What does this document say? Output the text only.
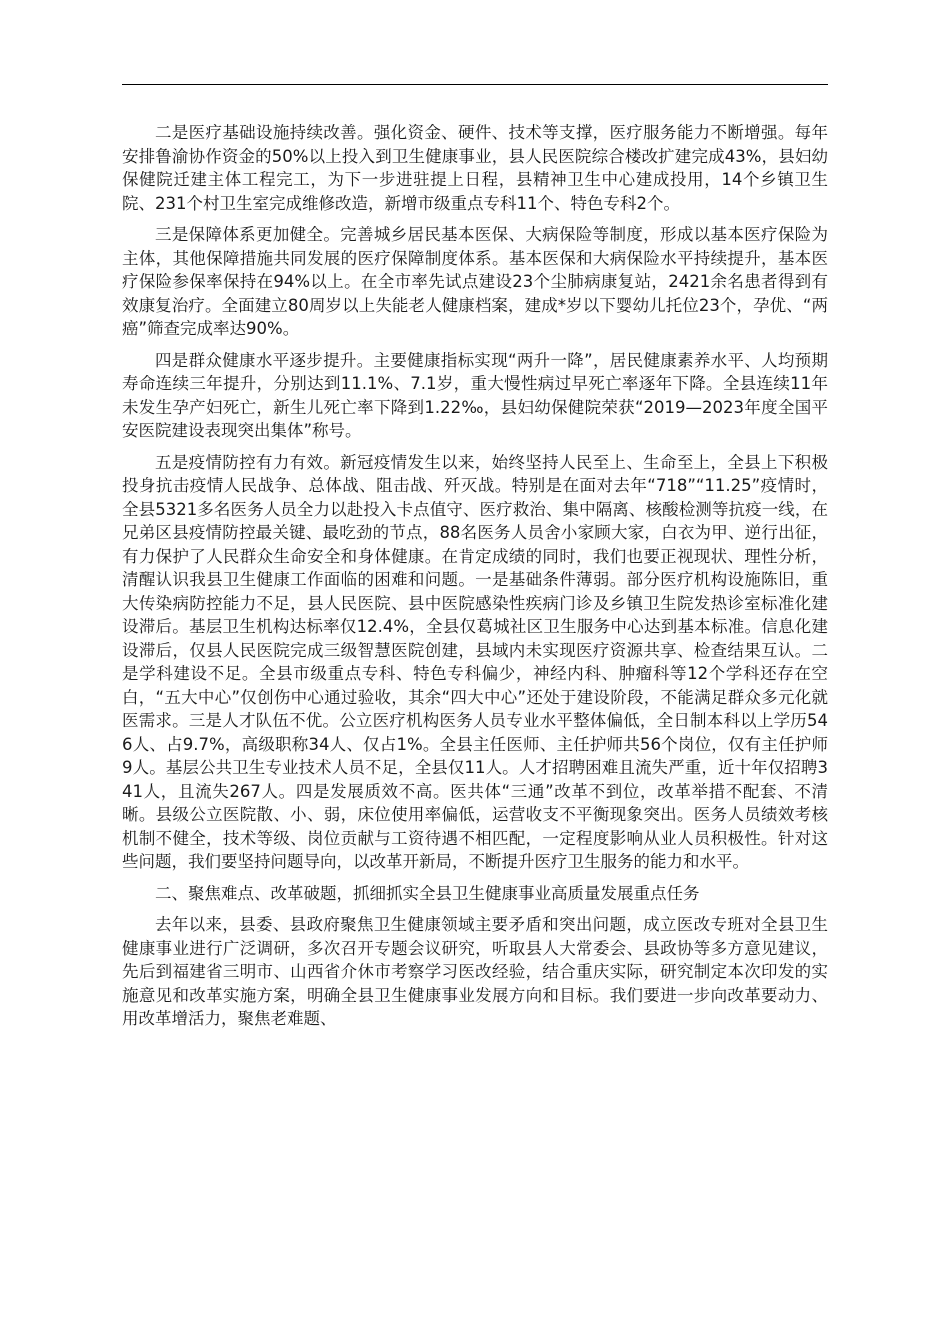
二是医疗基础设施持续改善。强化资金、硬件、技术等支撑，医疗服务能力不断增强。每年安排鲁渝协作资金的50%以上投入到卫生健康事业，县人民医院综合楼改扩建完成43%，县妇幼保健院迁建主体工程完工，为下一步进驻提上日程，县精神卫生中心建成投用，14个乡镇卫生院、231个村卫生室完成维修改造，新增市级重点专科11个、特色专科2个。

三是保障体系更加健全。完善城乡居民基本医保、大病保险等制度，形成以基本医疗保险为主体，其他保障措施共同发展的医疗保障制度体系。基本医保和大病保险水平持续提升，基本医疗保险参保率保持在94%以上。在全市率先试点建设23个尘肺病康复站，2421余名患者得到有效康复治疗。全面建立80周岁以上失能老人健康档案，建成*岁以下婴幼儿托位23个，孕优、“两癌”筛查完成率达90%。

四是群众健康水平逐步提升。主要健康指标实现“两升一降”，居民健康素养水平、人均预期寿命连续三年提升，分别达到11.1%、7.1岁，重大慢性病过早死亡率逐年下降。全县连续11年未发生孕产妇死亡，新生儿死亡率下降到1.22‰，县妇幼保健院荣获“2019—2023年度全国平安医院建设表现突出集体”称号。

五是疫情防控有力有效。新冠疫情发生以来，始终坚持人民至上、生命至上，全县上下积极投身抗击疫情人民战争、总体战、阻击战、歼灭战。特别是在面对去年“718”“11.25”疫情时，全县5321多名医务人员全力以赴投入卡点值守、医疗救治、集中隔离、核酸检测等抗疫一线，在兄弟区县疫情防控最关键、最吃劲的节点，88名医务人员舍小家顾大家，白衣为甲、逆行出征，有力保护了人民群众生命安全和身体健康。在肯定成绩的同时，我们也要正视现状、理性分析，清醒认识我县卫生健康工作面临的困难和问题。一是基础条件薄弱。部分医疗机构设施陈旧，重大传染病防控能力不足，县人民医院、县中医院感染性疾病门诊及乡镇卫生院发热诊室标准化建设滞后。基层卫生机构达标率仅12.4%，全县仅葛城社区卫生服务中心达到基本标准。信息化建设滞后，仅县人民医院完成三级智慧医院创建，县域内未实现医疗资源共享、检查结果互认。二是学科建设不足。全县市级重点专科、特色专科偏少，神经内科、肿瘤科等12个学科还存在空白，“五大中心”仅创伤中心通过验收，其余“四大中心”还处于建设阶段，不能满足群众多元化就医需求。三是人才队伍不优。公立医疗机构医务人员专业水平整体偏低，全日制本科以上学历546人、占9.7%，高级职称34人、仅占1%。全县主任医师、主任护师共56个岗位，仅有主任护师9人。基层公共卫生专业技术人员不足，全县仅11人。人才招聘困难且流失严重，近十年仅招聘341人，且流失267人。四是发展质效不高。医共体“三通”改革不到位，改革举措不配套、不清晰。县级公立医院散、小、弱，床位使用率偏低，运营收支不平衡现象突出。医务人员绩效考核机制不健全，技术等级、岗位贡献与工资待遇不相匹配，一定程度影响从业人员积极性。针对这些问题，我们要坚持问题导向，以改革开新局，不断提升医疗卫生服务的能力和水平。

二、聚焦难点、改革破题，抓细抓实全县卫生健康事业高质量发展重点任务

去年以来，县委、县政府聚焦卫生健康领域主要矛盾和突出问题，成立医改专班对全县卫生健康事业进行广泛调研，多次召开专题会议研究，听取县人大常委会、县政协等多方意见建议，先后到福建省三明市、山西省介休市考察学习医改经验，结合重庆实际，研究制定本次印发的实施意见和改革实施方案，明确全县卫生健康事业发展方向和目标。我们要进一步向改革要动力、用改革增活力，聚焦老难题、
